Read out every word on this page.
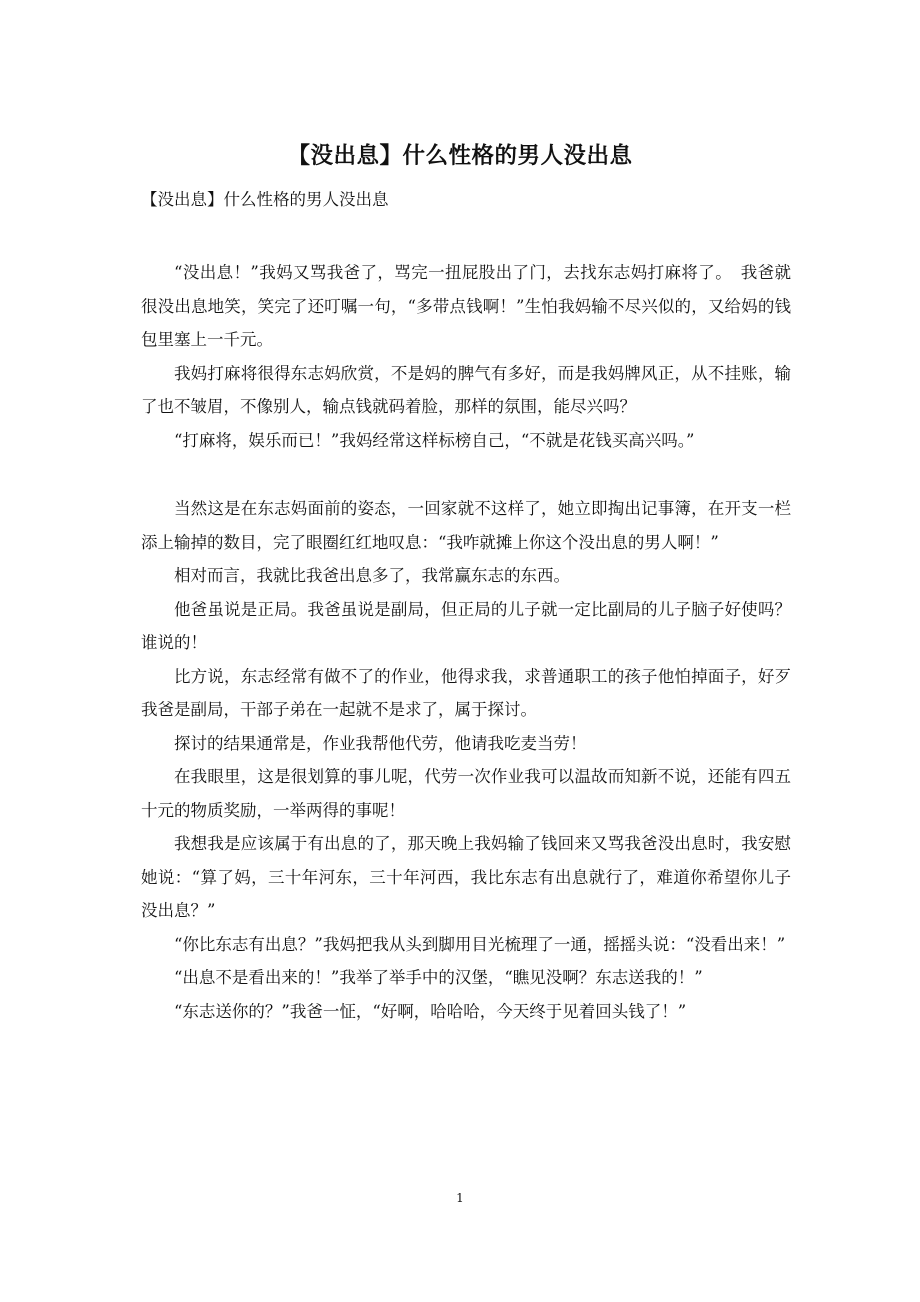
【没出息】什么性格的男人没出息
【没出息】什么性格的男人没出息

“没出息！”我妈又骂我爸了，骂完一扭屁股出了门，去找东志妈打麻将了。　我爸就很没出息地笑，笑完了还叮嘱一句，“多带点钱啊！”生怕我妈输不尽兴似的，又给妈的钱包里塞上一千元。

我妈打麻将很得东志妈欣赏，不是妈的脾气有多好，而是我妈牌风正，从不挂账，输了也不皱眉，不像别人，输点钱就码着脸，那样的氛围，能尽兴吗？

“打麻将，娱乐而已！”我妈经常这样标榜自己，“不就是花钱买高兴吗。”

当然这是在东志妈面前的姿态，一回家就不这样了，她立即掏出记事簿，在开支一栏添上输掉的数目，完了眼圈红红地叹息：“我咋就摊上你这个没出息的男人啊！”

相对而言，我就比我爸出息多了，我常赢东志的东西。

他爸虽说是正局。我爸虽说是副局，但正局的儿子就一定比副局的儿子脑子好使吗？谁说的！

比方说，东志经常有做不了的作业，他得求我，求普通职工的孩子他怕掉面子，好歹我爸是副局，干部子弟在一起就不是求了，属于探讨。

探讨的结果通常是，作业我帮他代劳，他请我吃麦当劳！

在我眼里，这是很划算的事儿呢，代劳一次作业我可以温故而知新不说，还能有四五十元的物质奖励，一举两得的事呢！

我想我是应该属于有出息的了，那天晚上我妈输了钱回来又骂我爸没出息时，我安慰她说：“算了妈，三十年河东，三十年河西，我比东志有出息就行了，难道你希望你儿子没出息？”

“你比东志有出息？”我妈把我从头到脚用目光梳理了一通，摇摇头说：“没看出来！”

“出息不是看出来的！”我举了举手中的汉堡，“瞧见没啊？东志送我的！”

“东志送你的？”我爸一怔，“好啊，哈哈哈，今天终于见着回头钱了！”

1
